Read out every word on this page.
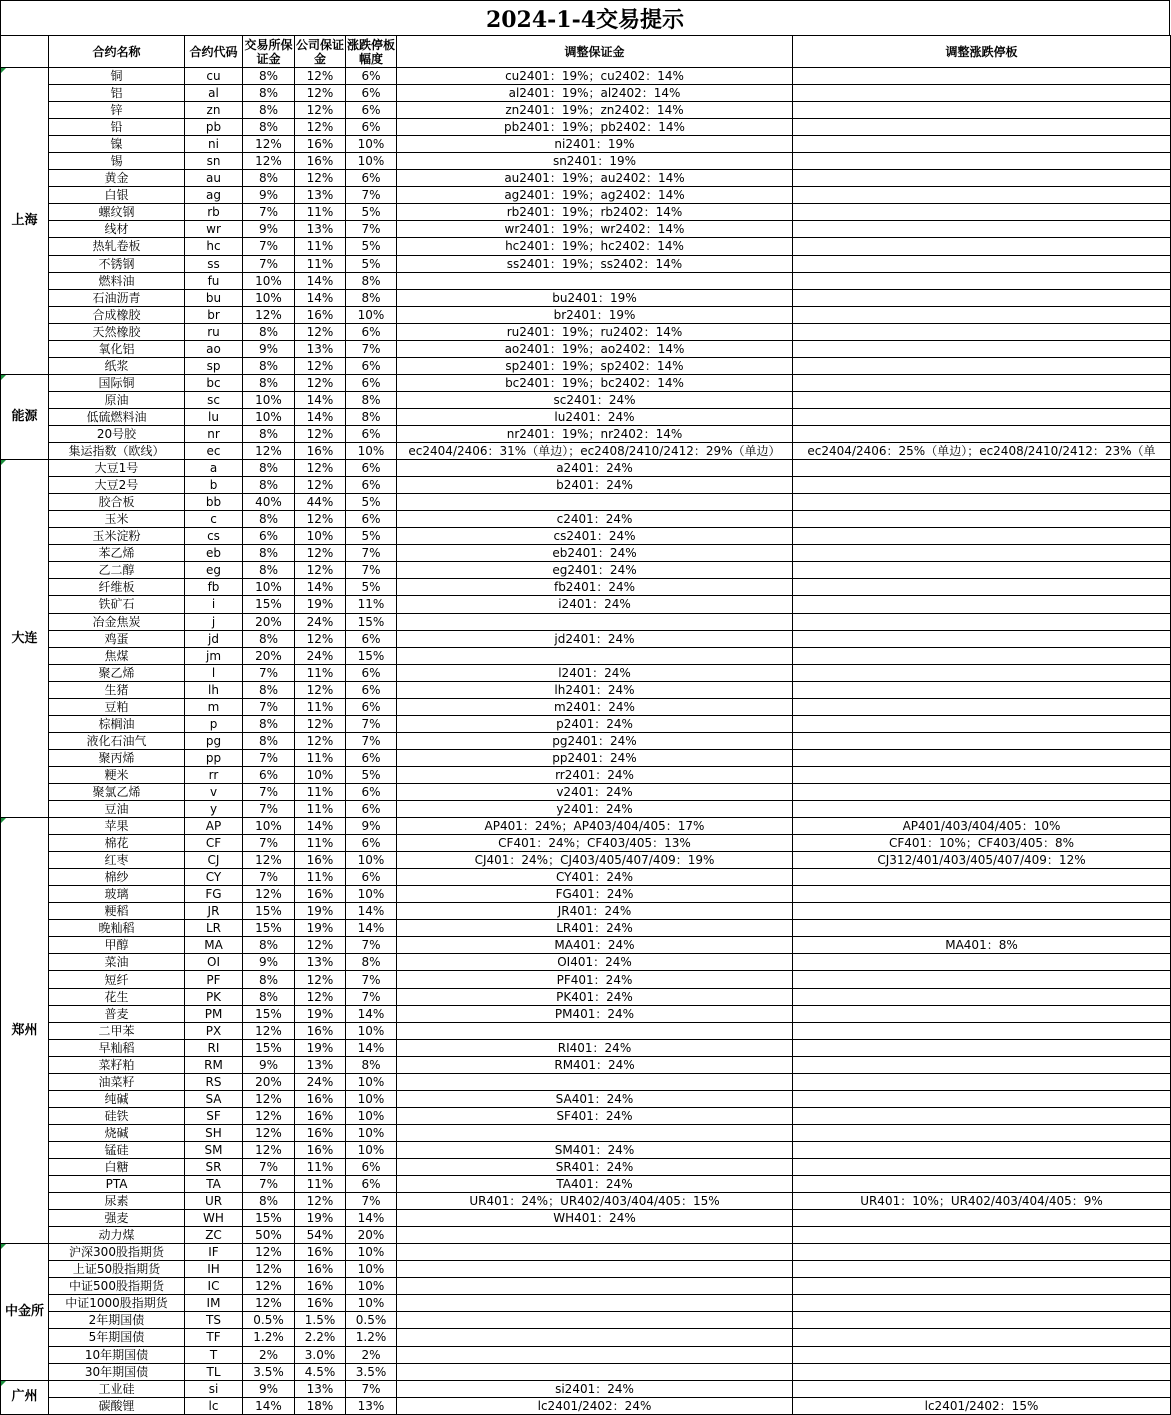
2024-1-4交易提示
	合约名称	合约代码	交易所保证金	公司保证金	涨跌停板幅度	调整保证金	调整涨跌停板

上海	铜	cu	8%	12%	6%	cu2401：19%；cu2402：14%	
	铝	al	8%	12%	6%	al2401：19%；al2402：14%	
	锌	zn	8%	12%	6%	zn2401：19%；zn2402：14%	
	铅	pb	8%	12%	6%	pb2401：19%；pb2402：14%	
	镍	ni	12%	16%	10%	ni2401：19%	
	锡	sn	12%	16%	10%	sn2401：19%	
	黄金	au	8%	12%	6%	au2401：19%；au2402：14%	
	白银	ag	9%	13%	7%	ag2401：19%；ag2402：14%	
	螺纹钢	rb	7%	11%	5%	rb2401：19%；rb2402：14%	
	线材	wr	9%	13%	7%	wr2401：19%；wr2402：14%	
	热轧卷板	hc	7%	11%	5%	hc2401：19%；hc2402：14%	
	不锈钢	ss	7%	11%	5%	ss2401：19%；ss2402：14%	
	燃料油	fu	10%	14%	8%		
	石油沥青	bu	10%	14%	8%	bu2401：19%	
	合成橡胶	br	12%	16%	10%	br2401：19%	
	天然橡胶	ru	8%	12%	6%	ru2401：19%；ru2402：14%	
	氧化铝	ao	9%	13%	7%	ao2401：19%；ao2402：14%	
	纸浆	sp	8%	12%	6%	sp2401：19%；sp2402：14%	

能源	国际铜	bc	8%	12%	6%	bc2401：19%；bc2402：14%	
	原油	sc	10%	14%	8%	sc2401：24%	
	低硫燃料油	lu	10%	14%	8%	lu2401：24%	
	20号胶	nr	8%	12%	6%	nr2401：19%；nr2402：14%	
	集运指数（欧线）	ec	12%	16%	10%	ec2404/2406：31%（单边）；ec2408/2410/2412：29%（单边）	ec2404/2406：25%（单边）；ec2408/2410/2412：23%（单

大连	大豆1号	a	8%	12%	6%	a2401：24%	
	大豆2号	b	8%	12%	6%	b2401：24%	
	胶合板	bb	40%	44%	5%		
	玉米	c	8%	12%	6%	c2401：24%	
	玉米淀粉	cs	6%	10%	5%	cs2401：24%	
	苯乙烯	eb	8%	12%	7%	eb2401：24%	
	乙二醇	eg	8%	12%	7%	eg2401：24%	
	纤维板	fb	10%	14%	5%	fb2401：24%	
	铁矿石	i	15%	19%	11%	i2401：24%	
	冶金焦炭	j	20%	24%	15%		
	鸡蛋	jd	8%	12%	6%	jd2401：24%	
	焦煤	jm	20%	24%	15%		
	聚乙烯	l	7%	11%	6%	l2401：24%	
	生猪	lh	8%	12%	6%	lh2401：24%	
	豆粕	m	7%	11%	6%	m2401：24%	
	棕榈油	p	8%	12%	7%	p2401：24%	
	液化石油气	pg	8%	12%	7%	pg2401：24%	
	聚丙烯	pp	7%	11%	6%	pp2401：24%	
	粳米	rr	6%	10%	5%	rr2401：24%	
	聚氯乙烯	v	7%	11%	6%	v2401：24%	
	豆油	y	7%	11%	6%	y2401：24%	

郑州	苹果	AP	10%	14%	9%	AP401：24%；AP403/404/405：17%	AP401/403/404/405：10%
	棉花	CF	7%	11%	6%	CF401：24%；CF403/405：13%	CF401：10%；CF403/405：8%
	红枣	CJ	12%	16%	10%	CJ401：24%；CJ403/405/407/409：19%	CJ312/401/403/405/407/409：12%
	棉纱	CY	7%	11%	6%	CY401：24%	
	玻璃	FG	12%	16%	10%	FG401：24%	
	粳稻	JR	15%	19%	14%	JR401：24%	
	晚籼稻	LR	15%	19%	14%	LR401：24%	
	甲醇	MA	8%	12%	7%	MA401：24%	MA401：8%
	菜油	OI	9%	13%	8%	OI401：24%	
	短纤	PF	8%	12%	7%	PF401：24%	
	花生	PK	8%	12%	7%	PK401：24%	
	普麦	PM	15%	19%	14%	PM401：24%	
	二甲苯	PX	12%	16%	10%		
	早籼稻	RI	15%	19%	14%	RI401：24%	
	菜籽粕	RM	9%	13%	8%	RM401：24%	
	油菜籽	RS	20%	24%	10%		
	纯碱	SA	12%	16%	10%	SA401：24%	
	硅铁	SF	12%	16%	10%	SF401：24%	
	烧碱	SH	12%	16%	10%		
	锰硅	SM	12%	16%	10%	SM401：24%	
	白糖	SR	7%	11%	6%	SR401：24%	
	PTA	TA	7%	11%	6%	TA401：24%	
	尿素	UR	8%	12%	7%	UR401：24%；UR402/403/404/405：15%	UR401：10%；UR402/403/404/405：9%
	强麦	WH	15%	19%	14%	WH401：24%	
	动力煤	ZC	50%	54%	20%		

中金所	沪深300股指期货	IF	12%	16%	10%		
	上证50股指期货	IH	12%	16%	10%		
	中证500股指期货	IC	12%	16%	10%		
	中证1000股指期货	IM	12%	16%	10%		
	2年期国债	TS	0.5%	1.5%	0.5%		
	5年期国债	TF	1.2%	2.2%	1.2%		
	10年期国债	T	2%	3.0%	2%		
	30年期国债	TL	3.5%	4.5%	3.5%		

广州	工业硅	si	9%	13%	7%	si2401：24%	
	碳酸锂	lc	14%	18%	13%	lc2401/2402：24%	lc2401/2402：15%
